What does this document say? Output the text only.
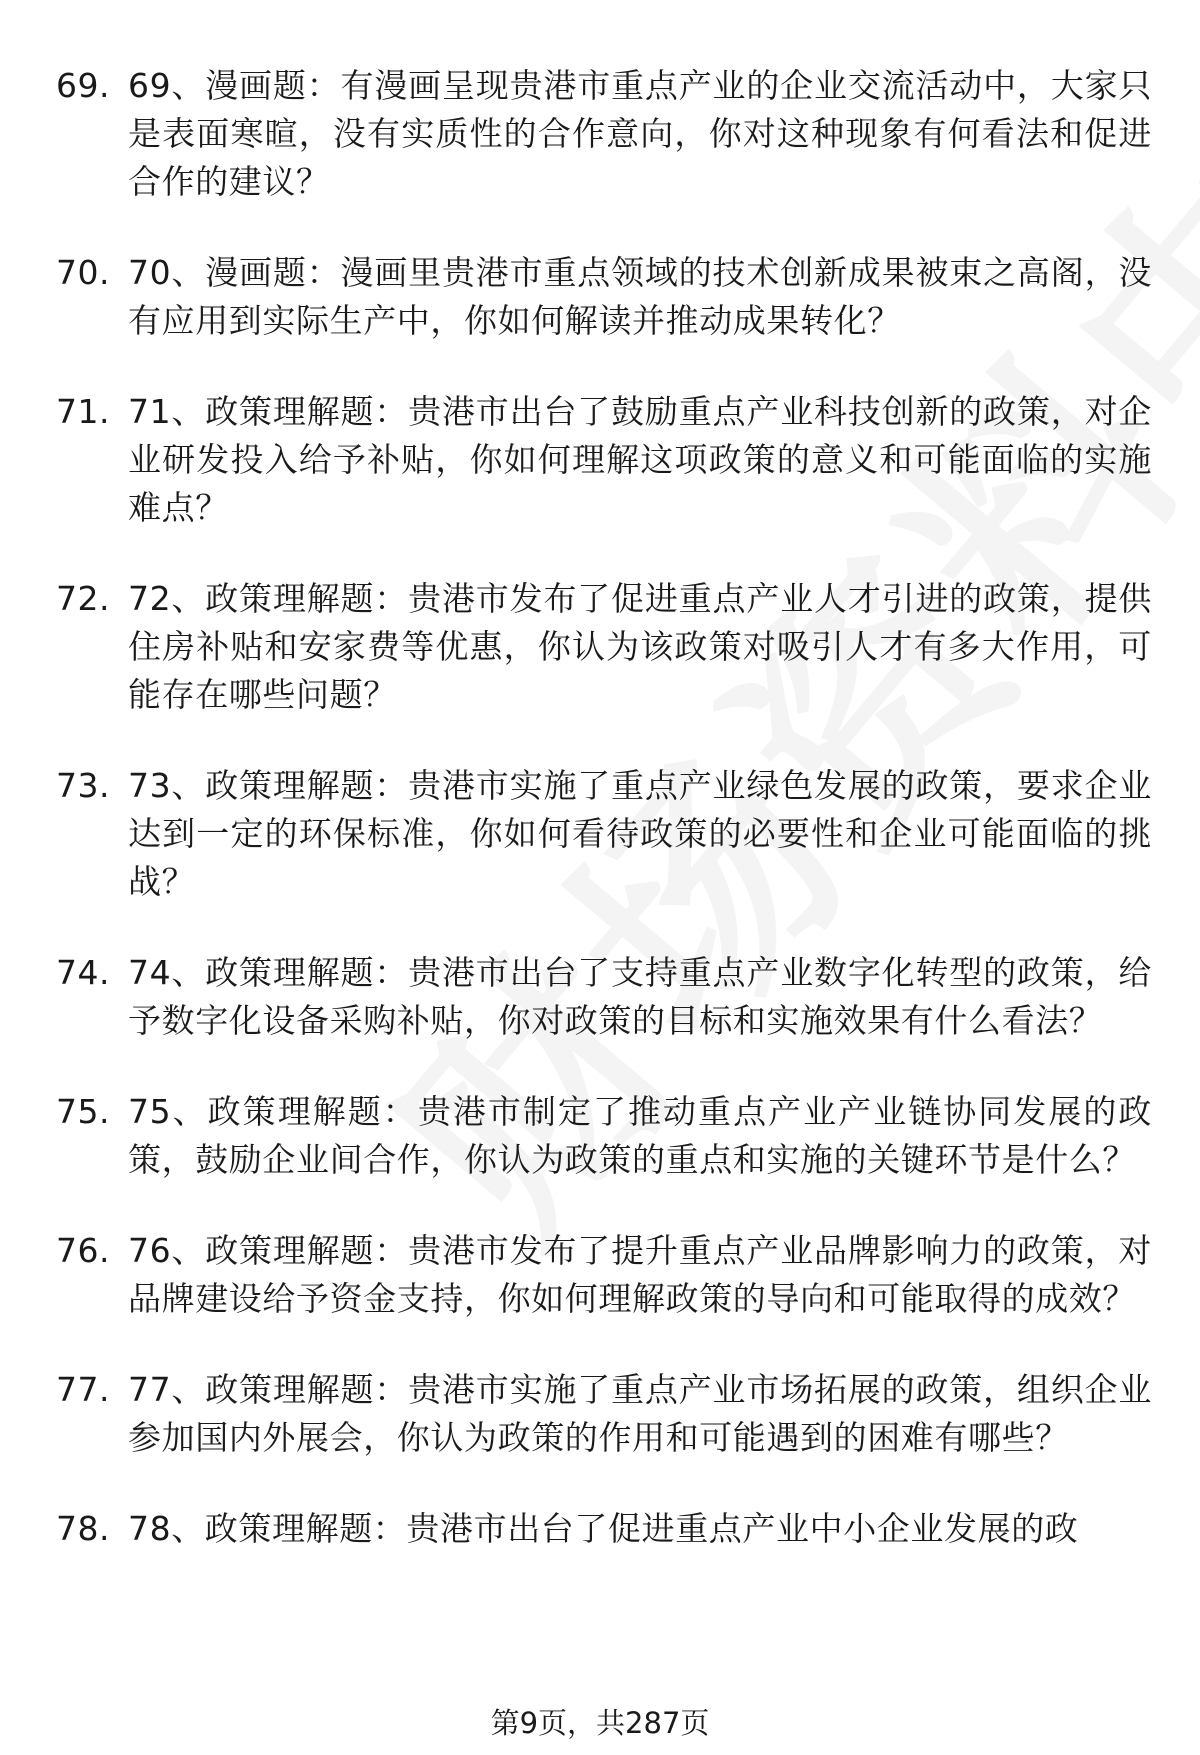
69. 69、漫画题：有漫画呈现贵港市重点产业的企业交流活动中，大家只是表面寒暄，没有实质性的合作意向，你对这种现象有何看法和促进合作的建议？
70. 70、漫画题：漫画里贵港市重点领域的技术创新成果被束之高阁，没有应用到实际生产中，你如何解读并推动成果转化？
71. 71、政策理解题：贵港市出台了鼓励重点产业科技创新的政策，对企业研发投入给予补贴，你如何理解这项政策的意义和可能面临的实施难点？
72. 72、政策理解题：贵港市发布了促进重点产业人才引进的政策，提供住房补贴和安家费等优惠，你认为该政策对吸引人才有多大作用，可能存在哪些问题？
73. 73、政策理解题：贵港市实施了重点产业绿色发展的政策，要求企业达到一定的环保标准，你如何看待政策的必要性和企业可能面临的挑战？
74. 74、政策理解题：贵港市出台了支持重点产业数字化转型的政策，给予数字化设备采购补贴，你对政策的目标和实施效果有什么看法？
75. 75、政策理解题：贵港市制定了推动重点产业产业链协同发展的政策，鼓励企业间合作，你认为政策的重点和实施的关键环节是什么？
76. 76、政策理解题：贵港市发布了提升重点产业品牌影响力的政策，对品牌建设给予资金支持，你如何理解政策的导向和可能取得的成效？
77. 77、政策理解题：贵港市实施了重点产业市场拓展的政策，组织企业参加国内外展会，你认为政策的作用和可能遇到的困难有哪些？
78. 78、政策理解题：贵港市出台了促进重点产业中小企业发展的政
第9页，共287页
